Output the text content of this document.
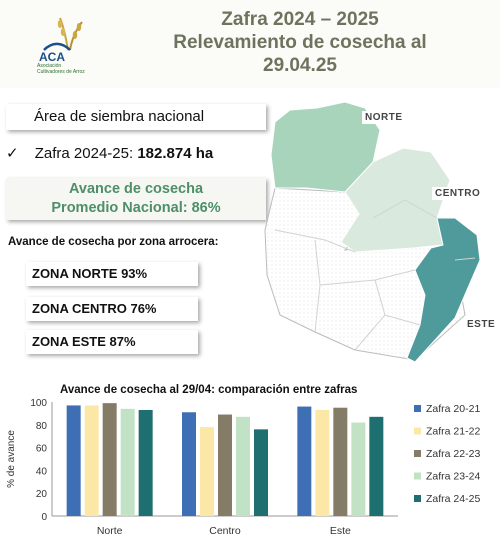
ACA
Asociación Cultivadores de Arroz
Zafra 2024 – 2025
Relevamiento de cosecha al
29.04.25
Área de siembra nacional
✓ Zafra 2024-25: 182.874 ha
Avance de cosecha
Promedio Nacional: 86%
Avance de cosecha por zona arrocera:
ZONA NORTE 93%
ZONA CENTRO 76%
ZONA ESTE 87%
NORTE
CENTRO
ESTE
Avance de cosecha al 29/04: comparación entre zafras
0
20
40
60
80
100
% de avance
Norte	Centro	Este
Zafra 20-21
Zafra 21-22
Zafra 22-23
Zafra 23-24
Zafra 24-25
